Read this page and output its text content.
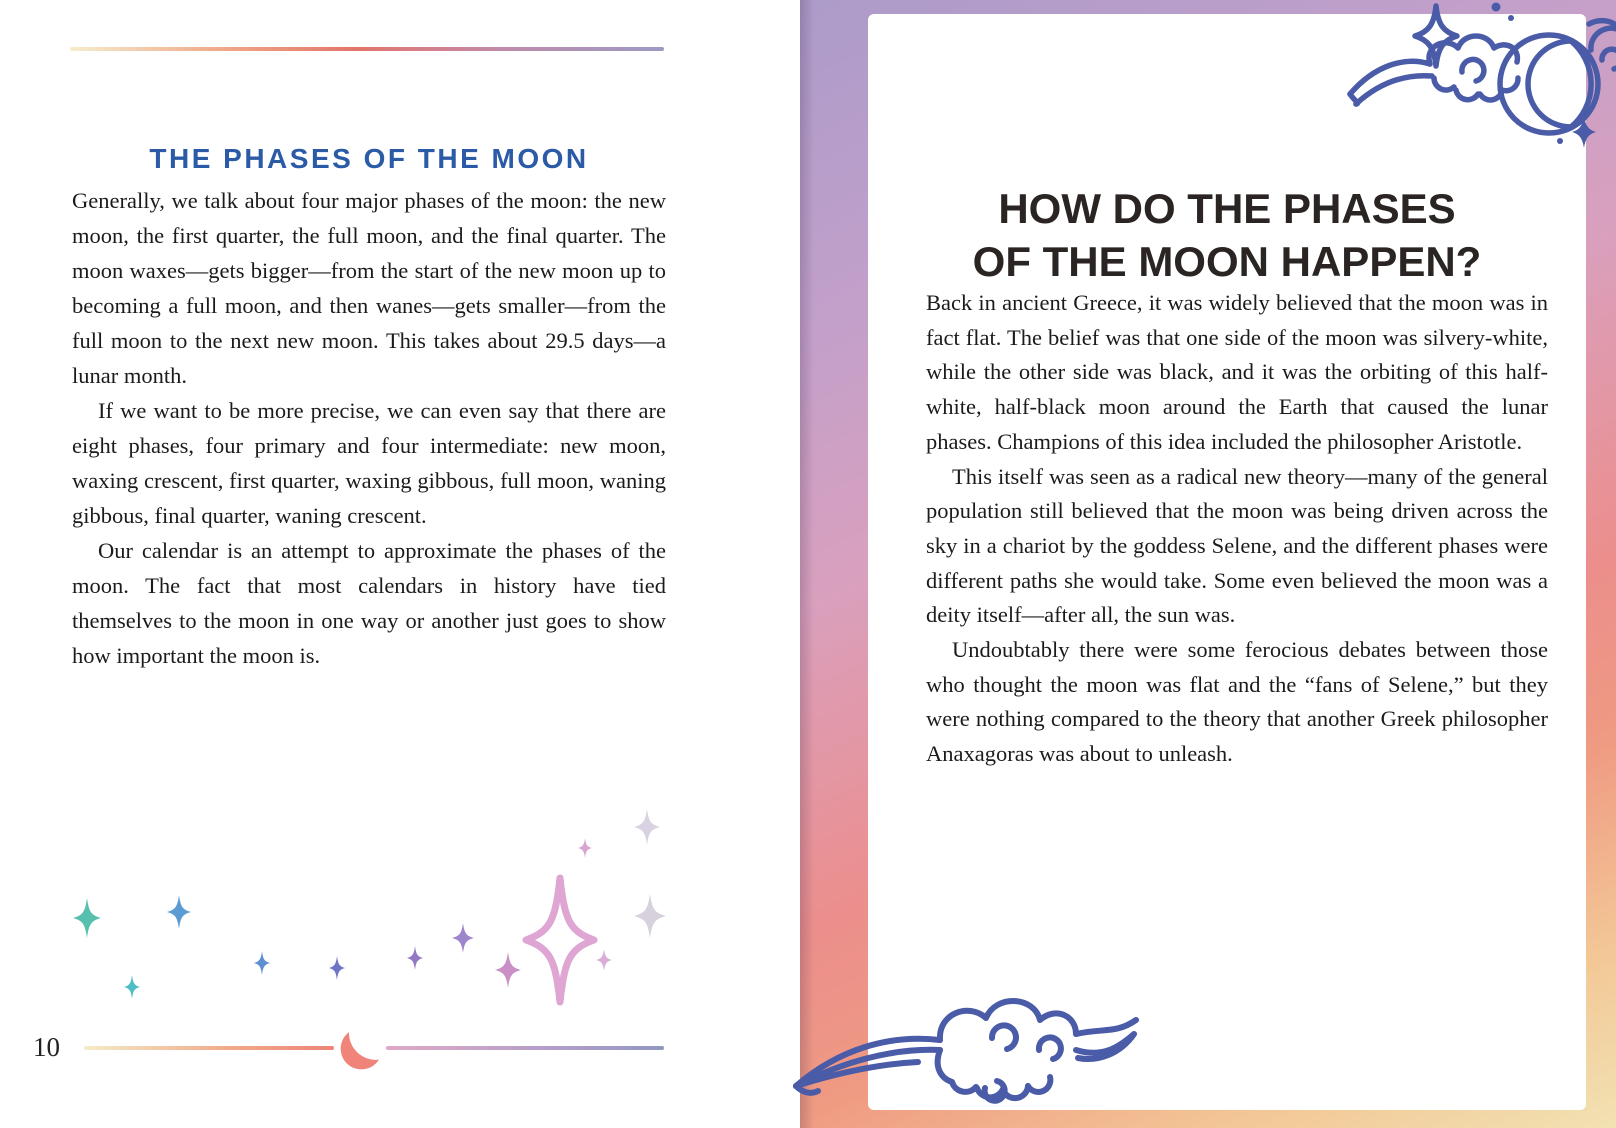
THE PHASES OF THE MOON

Generally, we talk about four major phases of the moon: the new moon, the first quarter, the full moon, and the final quarter. The moon waxes—gets bigger—from the start of the new moon up to becoming a full moon, and then wanes—gets smaller—from the full moon to the next new moon. This takes about 29.5 days—a lunar month.

If we want to be more precise, we can even say that there are eight phases, four primary and four intermediate: new moon, waxing crescent, first quarter, waxing gibbous, full moon, waning gibbous, final quarter, waning crescent.

Our calendar is an attempt to approximate the phases of the moon. The fact that most calendars in history have tied themselves to the moon in one way or another just goes to show how important the moon is.

10
HOW DO THE PHASES
OF THE MOON HAPPEN?

Back in ancient Greece, it was widely believed that the moon was in fact flat. The belief was that one side of the moon was silvery-white, while the other side was black, and it was the orbiting of this half-white, half-black moon around the Earth that caused the lunar phases. Champions of this idea included the philosopher Aristotle.

This itself was seen as a radical new theory—many of the general population still believed that the moon was being driven across the sky in a chariot by the goddess Selene, and the different phases were different paths she would take. Some even believed the moon was a deity itself—after all, the sun was.

Undoubtably there were some ferocious debates between those who thought the moon was flat and the “fans of Selene,” but they were nothing compared to the theory that another Greek philosopher Anaxagoras was about to unleash.
